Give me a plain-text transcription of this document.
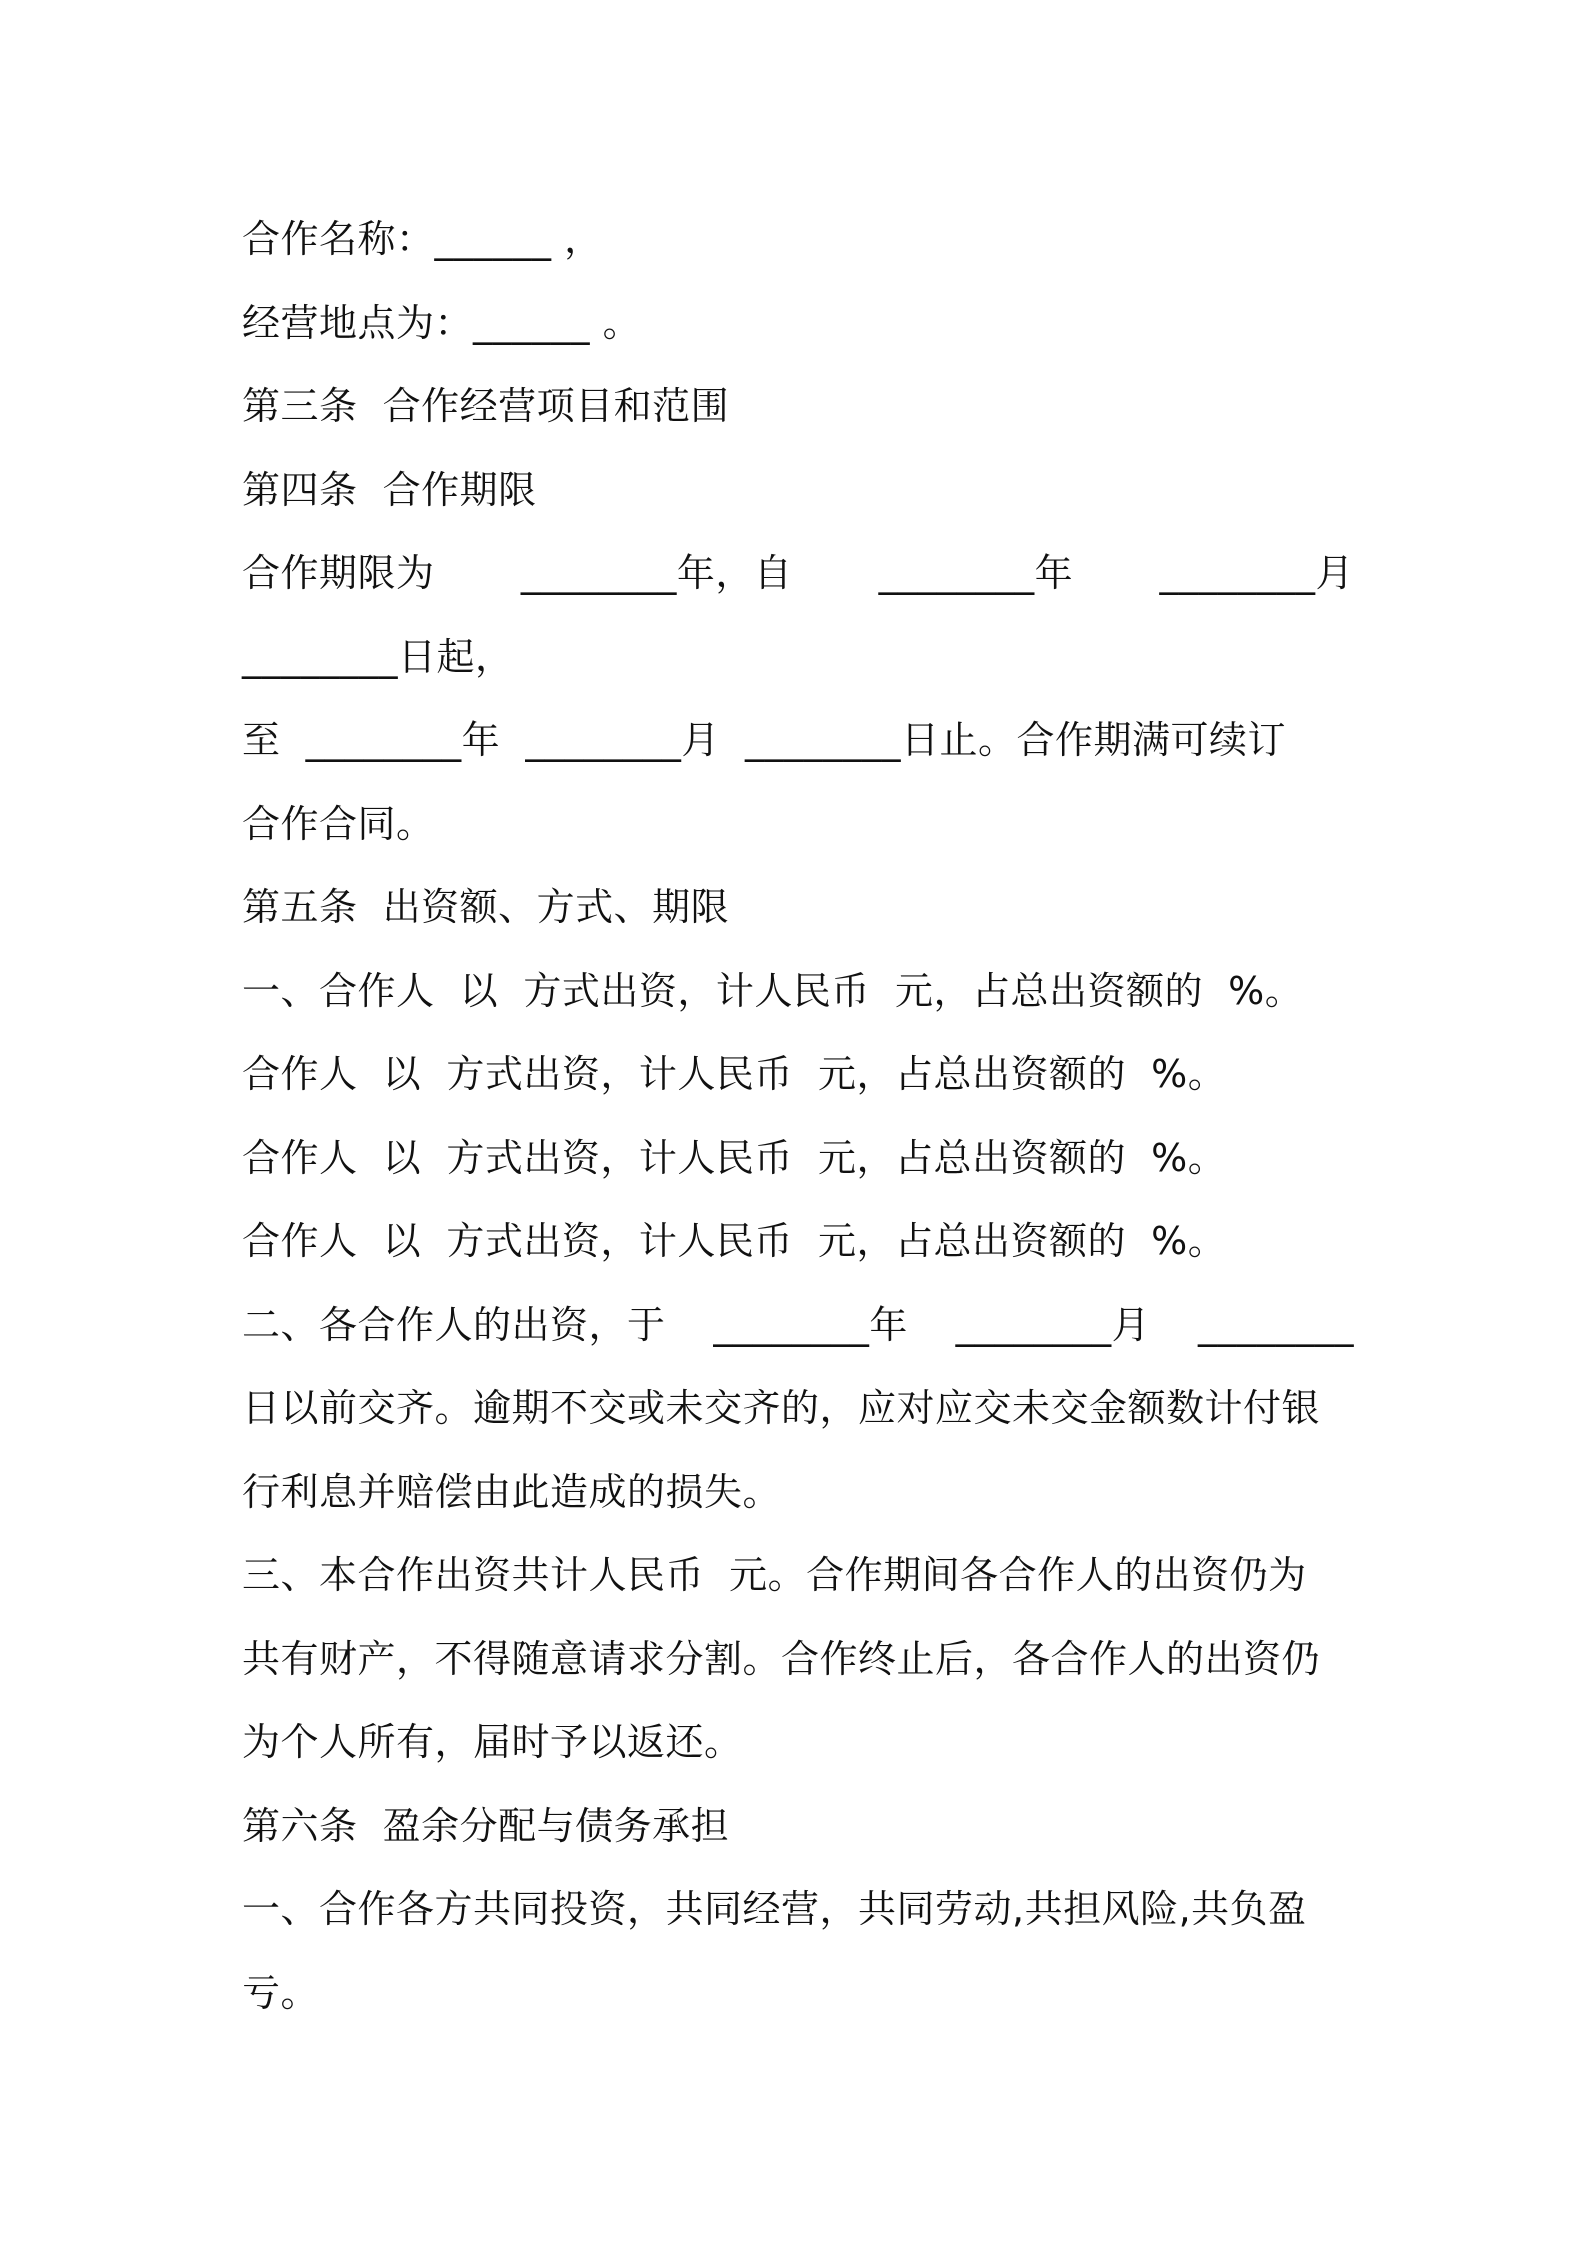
合作名称：______ ，
经营地点为：______ 。
第三条  合作经营项目和范围
第四条  合作期限
合作期限为 ________年，自 ________年 ________月
________日起，
至  ________年  ________月  ________日止。合作期满可续订
合作合同。
第五条  出资额、方式、期限
一、合作人  以  方式出资，计人民币  元，占总出资额的  %。
合作人  以  方式出资，计人民币  元，占总出资额的  %。
合作人  以  方式出资，计人民币  元，占总出资额的  %。
合作人  以  方式出资，计人民币  元，占总出资额的  %。
二、各合作人的出资，于 ________年 ________月 ________
日以前交齐。逾期不交或未交齐的，应对应交未交金额数计付银
行利息并赔偿由此造成的损失。
三、本合作出资共计人民币  元。合作期间各合作人的出资仍为
共有财产，不得随意请求分割。合作终止后，各合作人的出资仍
为个人所有，届时予以返还。
第六条  盈余分配与债务承担
一、合作各方共同投资，共同经营，共同劳动,共担风险,共负盈
亏。
